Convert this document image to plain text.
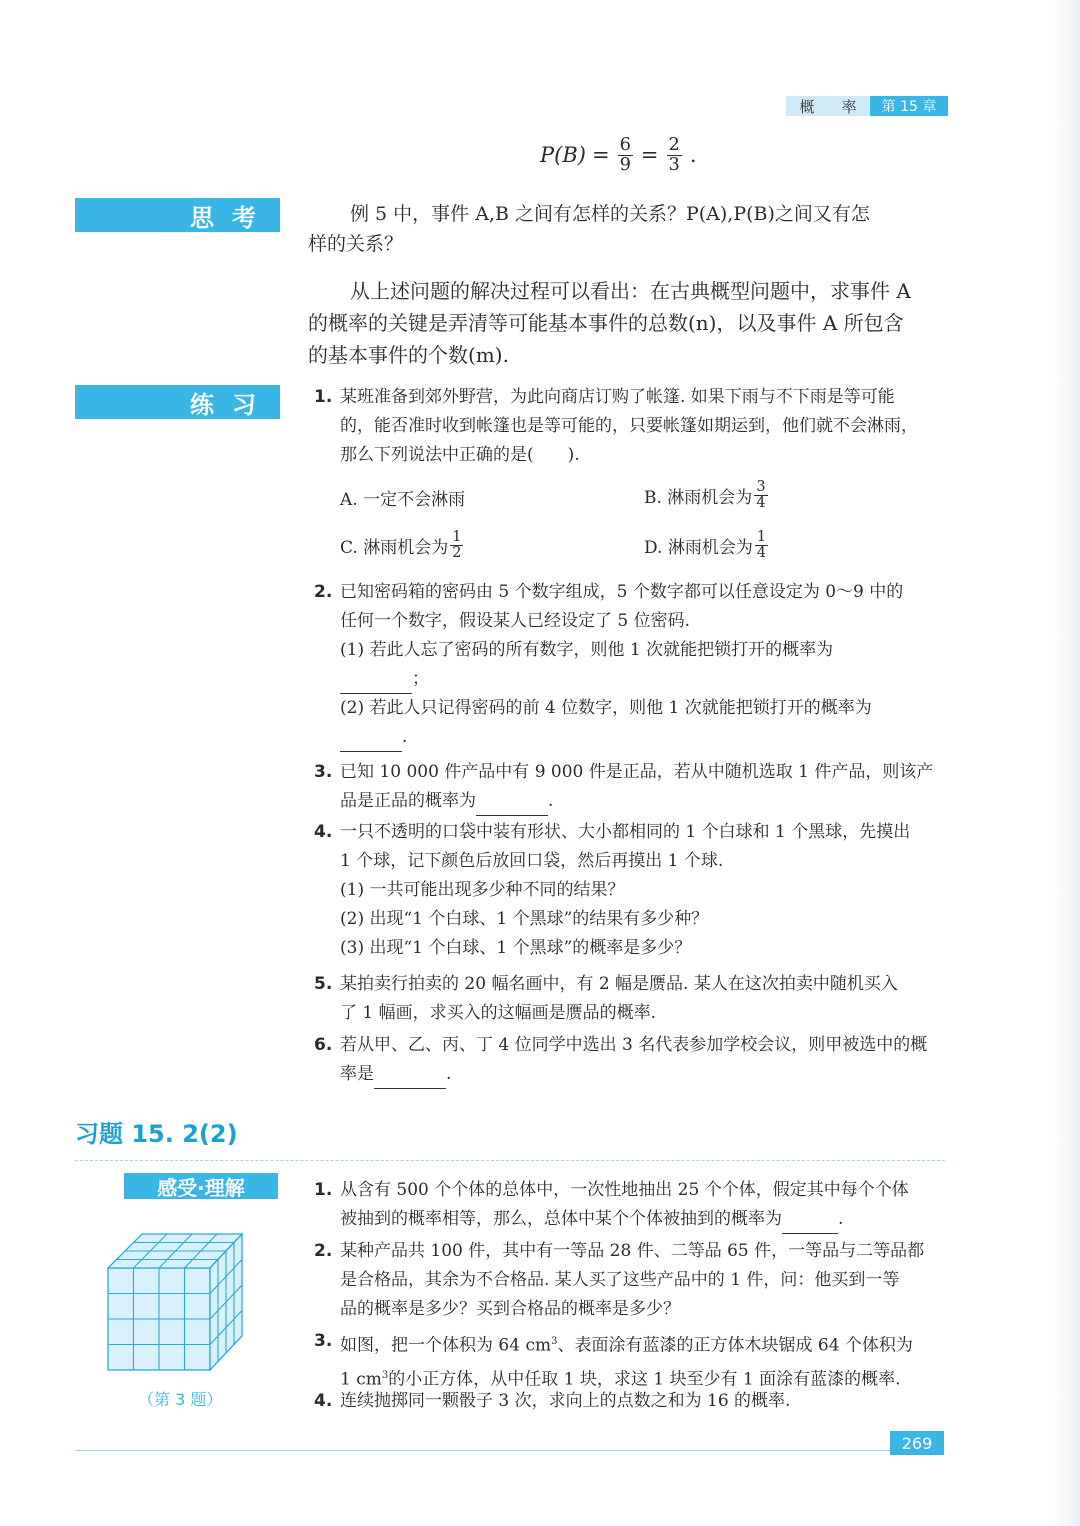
概 率	第 15 章
$P(B) = \frac{6}{9} = \frac{2}{3}$ .
思考	例 5 中，事件 A,B 之间有怎样的关系？P(A),P(B)之间又有怎
样的关系？
从上述问题的解决过程可以看出：在古典概型问题中，求事件 A
的概率的关键是弄清等可能基本事件的总数(n)，以及事件 A 所包含
的基本事件的个数(m).
练习	1. 某班准备到郊外野营，为此向商店订购了帐篷. 如果下雨与不下雨是等可能
的，能否准时收到帐篷也是等可能的，只要帐篷如期运到，他们就不会淋雨，
那么下列说法中正确的是(　　).
A. 一定不会淋雨	B. 淋雨机会为 $\frac{3}{4}$
C. 淋雨机会为 $\frac{1}{2}$	D. 淋雨机会为 $\frac{1}{4}$
2. 已知密码箱的密码由 5 个数字组成，5 个数字都可以任意设定为 0～9 中的
任何一个数字，假设某人已经设定了 5 位密码.
(1) 若此人忘了密码的所有数字，则他 1 次就能把锁打开的概率为
；
(2) 若此人只记得密码的前 4 位数字，则他 1 次就能把锁打开的概率为
.
3. 已知 10 000 件产品中有 9 000 件是正品，若从中随机选取 1 件产品，则该产
品是正品的概率为	.
4. 一只不透明的口袋中装有形状、大小都相同的 1 个白球和 1 个黑球，先摸出
1 个球，记下颜色后放回口袋，然后再摸出 1 个球.
(1) 一共可能出现多少种不同的结果？
(2) 出现“1 个白球、1 个黑球”的结果有多少种？
(3) 出现“1 个白球、1 个黑球”的概率是多少？
5. 某拍卖行拍卖的 20 幅名画中，有 2 幅是赝品. 某人在这次拍卖中随机买入
了 1 幅画，求买入的这幅画是赝品的概率.
6. 若从甲、乙、丙、丁 4 位同学中选出 3 名代表参加学校会议，则甲被选中的概
率是	.
习题 15. 2(2)
感受·理解
（第 3 题）
1. 从含有 500 个个体的总体中，一次性地抽出 25 个个体，假定其中每个个体
被抽到的概率相等，那么，总体中某个个体被抽到的概率为	.
2. 某种产品共 100 件，其中有一等品 28 件、二等品 65 件，一等品与二等品都
是合格品，其余为不合格品. 某人买了这些产品中的 1 件，问：他买到一等
品的概率是多少？买到合格品的概率是多少？
3. 如图，把一个体积为 64 $cm^3$、表面涂有蓝漆的正方体木块锯成 64 个体积为
1 $cm^3$的小正方体，从中任取 1 块，求这 1 块至少有 1 面涂有蓝漆的概率.
4. 连续抛掷同一颗骰子 3 次，求向上的点数之和为 16 的概率.
269
